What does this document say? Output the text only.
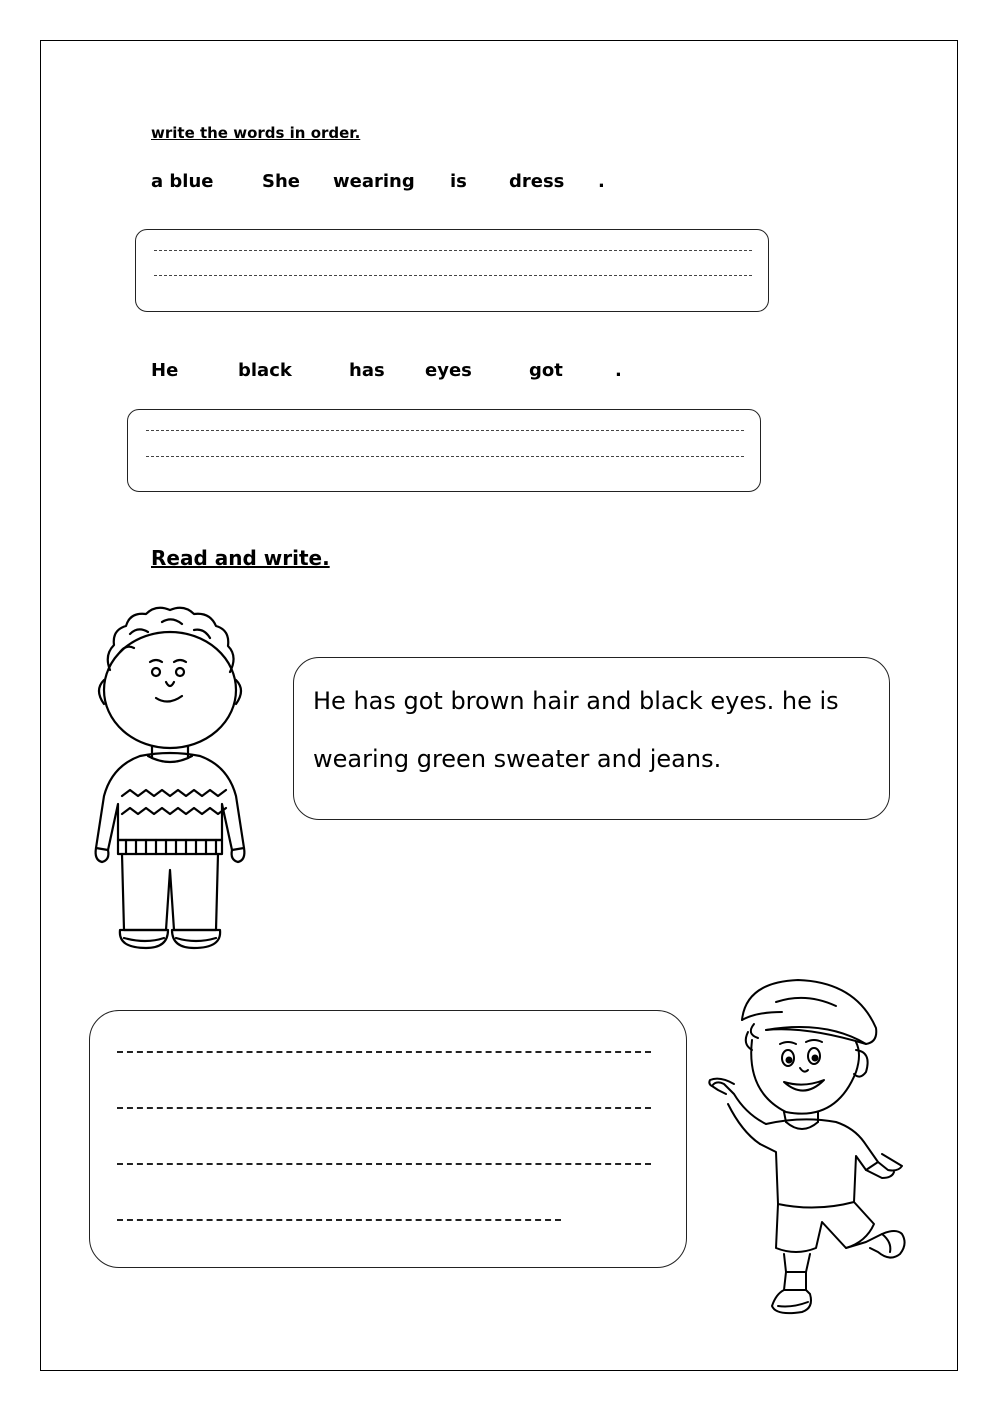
write the words in order.
a blue	She wearing is dress .
He	black	has eyes	got	.
Read and write.
He has got brown hair and black eyes. he is wearing green sweater and jeans.
